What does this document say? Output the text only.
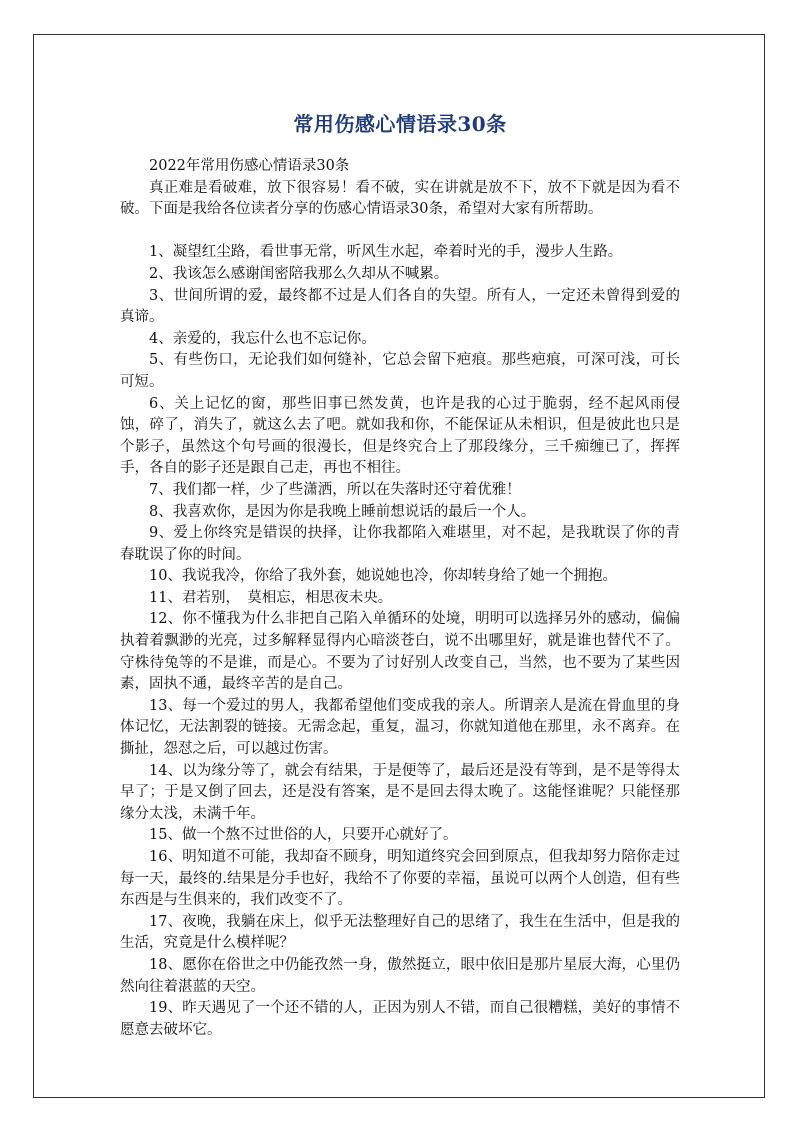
常用伤感心情语录30条

2022年常用伤感心情语录30条

真正难是看破难，放下很容易！看不破，实在讲就是放不下，放不下就是因为看不破。下面是我给各位读者分享的伤感心情语录30条，希望对大家有所帮助。

1、凝望红尘路，看世事无常，听风生水起，牵着时光的手，漫步人生路。

2、我该怎么感谢闺密陪我那么久却从不喊累。

3、世间所谓的爱，最终都不过是人们各自的失望。所有人，一定还未曾得到爱的真谛。

4、亲爱的，我忘什么也不忘记你。

5、有些伤口，无论我们如何缝补，它总会留下疤痕。那些疤痕，可深可浅，可长可短。

6、关上记忆的窗，那些旧事已然发黄，也许是我的心过于脆弱，经不起风雨侵蚀，碎了，消失了，就这么去了吧。就如我和你，不能保证从未相识，但是彼此也只是个影子，虽然这个句号画的很漫长，但是终究合上了那段缘分，三千痴缠已了，挥挥手，各自的影子还是跟自己走，再也不相往。

7、我们都一样，少了些潇洒，所以在失落时还守着优雅！

8、我喜欢你，是因为你是我晚上睡前想说话的最后一个人。

9、爱上你终究是错误的抉择，让你我都陷入难堪里，对不起，是我耽误了你的青春耽误了你的时间。

10、我说我冷，你给了我外套，她说她也冷，你却转身给了她一个拥抱。

11、君若别，　莫相忘，相思夜未央。

12、你不懂我为什么非把自己陷入单循环的处境，明明可以选择另外的感动，偏偏执着着飘渺的光亮，过多解释显得内心暗淡苍白，说不出哪里好，就是谁也替代不了。守株待兔等的不是谁，而是心。不要为了讨好别人改变自己，当然，也不要为了某些因素，固执不通，最终辛苦的是自己。

13、每一个爱过的男人，我都希望他们变成我的亲人。所谓亲人是流在骨血里的身体记忆，无法割裂的链接。无需念起，重复，温习，你就知道他在那里，永不离弃。在撕扯，怨怼之后，可以越过伤害。

14、以为缘分等了，就会有结果，于是便等了，最后还是没有等到，是不是等得太早了；于是又倒了回去，还是没有答案，是不是回去得太晚了。这能怪谁呢？只能怪那缘分太浅，未满千年。

15、做一个熬不过世俗的人，只要开心就好了。

16、明知道不可能，我却奋不顾身，明知道终究会回到原点，但我却努力陪你走过每一天，最终的.结果是分手也好，我给不了你要的幸福，虽说可以两个人创造，但有些东西是与生俱来的，我们改变不了。

17、夜晚，我躺在床上，似乎无法整理好自己的思绪了，我生在生活中，但是我的生活，究竟是什么模样呢？

18、愿你在俗世之中仍能孜然一身，傲然挺立，眼中依旧是那片星辰大海，心里仍然向往着湛蓝的天空。

19、昨天遇见了一个还不错的人，正因为别人不错，而自己很糟糕，美好的事情不愿意去破坏它。
